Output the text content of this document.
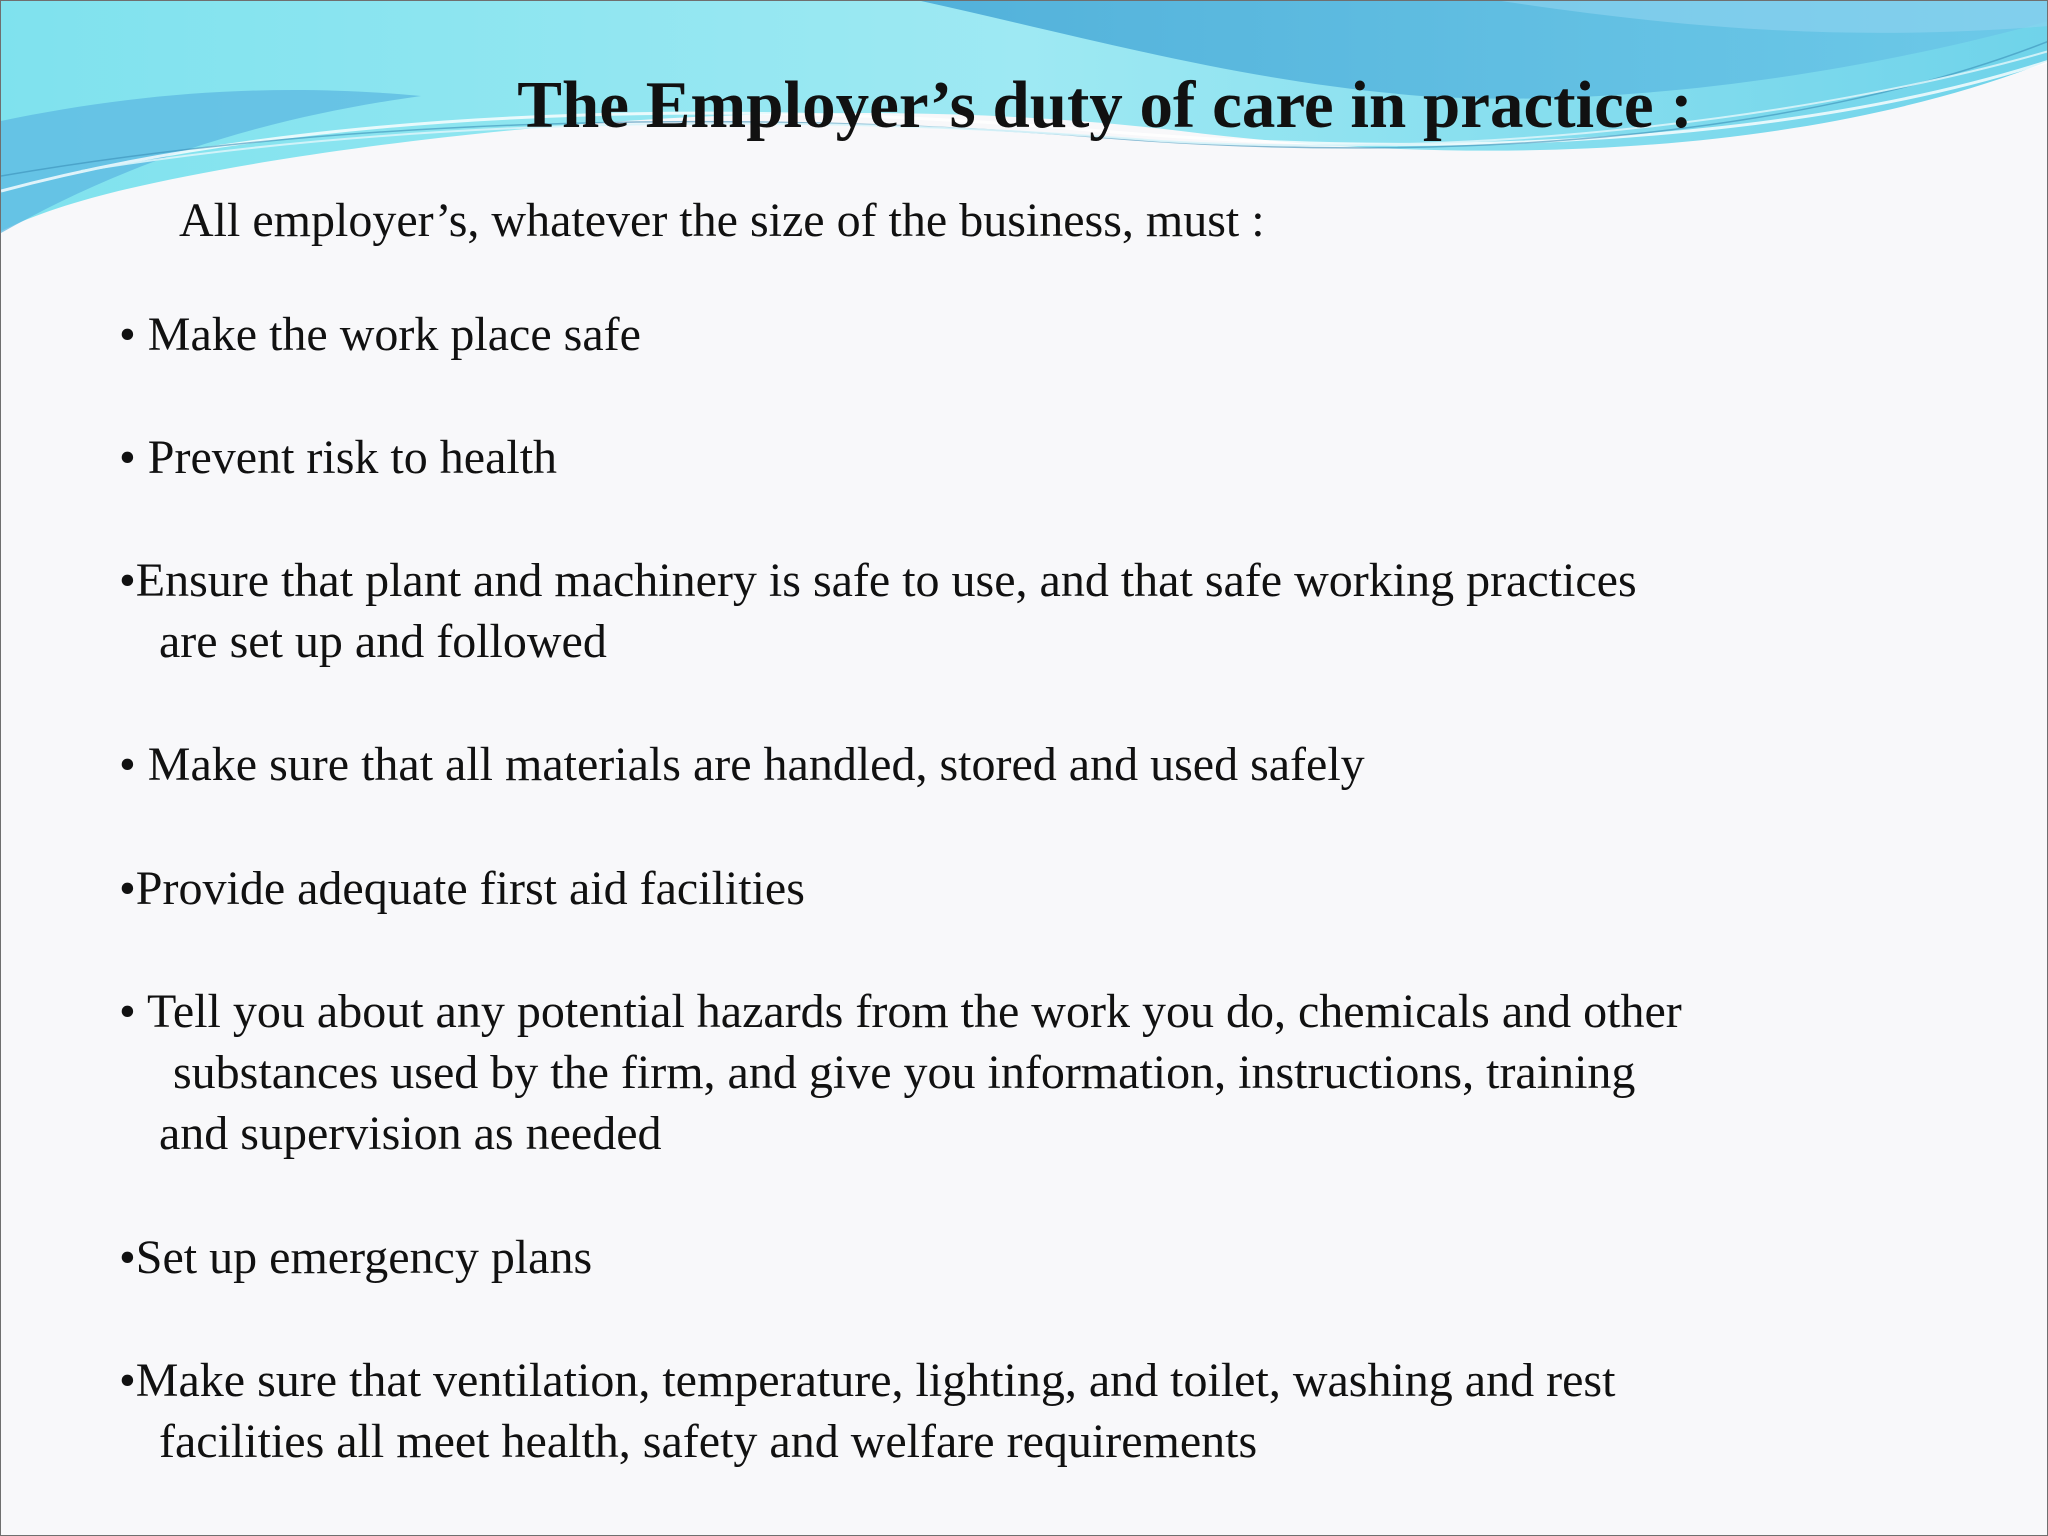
The Employer’s duty of care in practice :

All employer’s, whatever the size of the business, must :

• Make the work place safe
• Prevent risk to health
•Ensure that plant and machinery is safe to use, and that safe working practices
are set up and followed
• Make sure that all materials are handled, stored and used safely
•Provide adequate first aid facilities
• Tell you about any potential hazards from the work you do, chemicals and other
substances used by the firm, and give you information, instructions, training
and supervision as needed
•Set up emergency plans
•Make sure that ventilation, temperature, lighting, and toilet, washing and rest
facilities all meet health, safety and welfare requirements
